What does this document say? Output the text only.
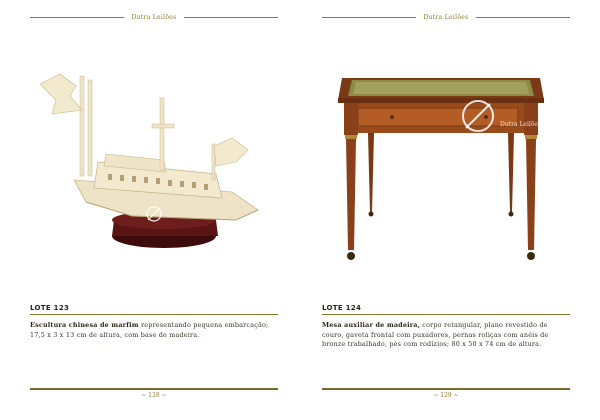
Dutra Leilões
LOTE 123
Escultura chinesa de marfim representando pequena embarcação; 17,5 x 3 x 13 cm de altura, com base de madeira.
~ 128 ~
Dutra Leilões
Dutra Leilões
LOTE 124
Mesa auxiliar de madeira, corpo retangular, plano revestido de couro, gaveta frontal com puxadores, pernas roliças com anéis de bronze trabalhado, pés com rodízios; 80 x 50 x 74 cm de altura.
~ 129 ~
